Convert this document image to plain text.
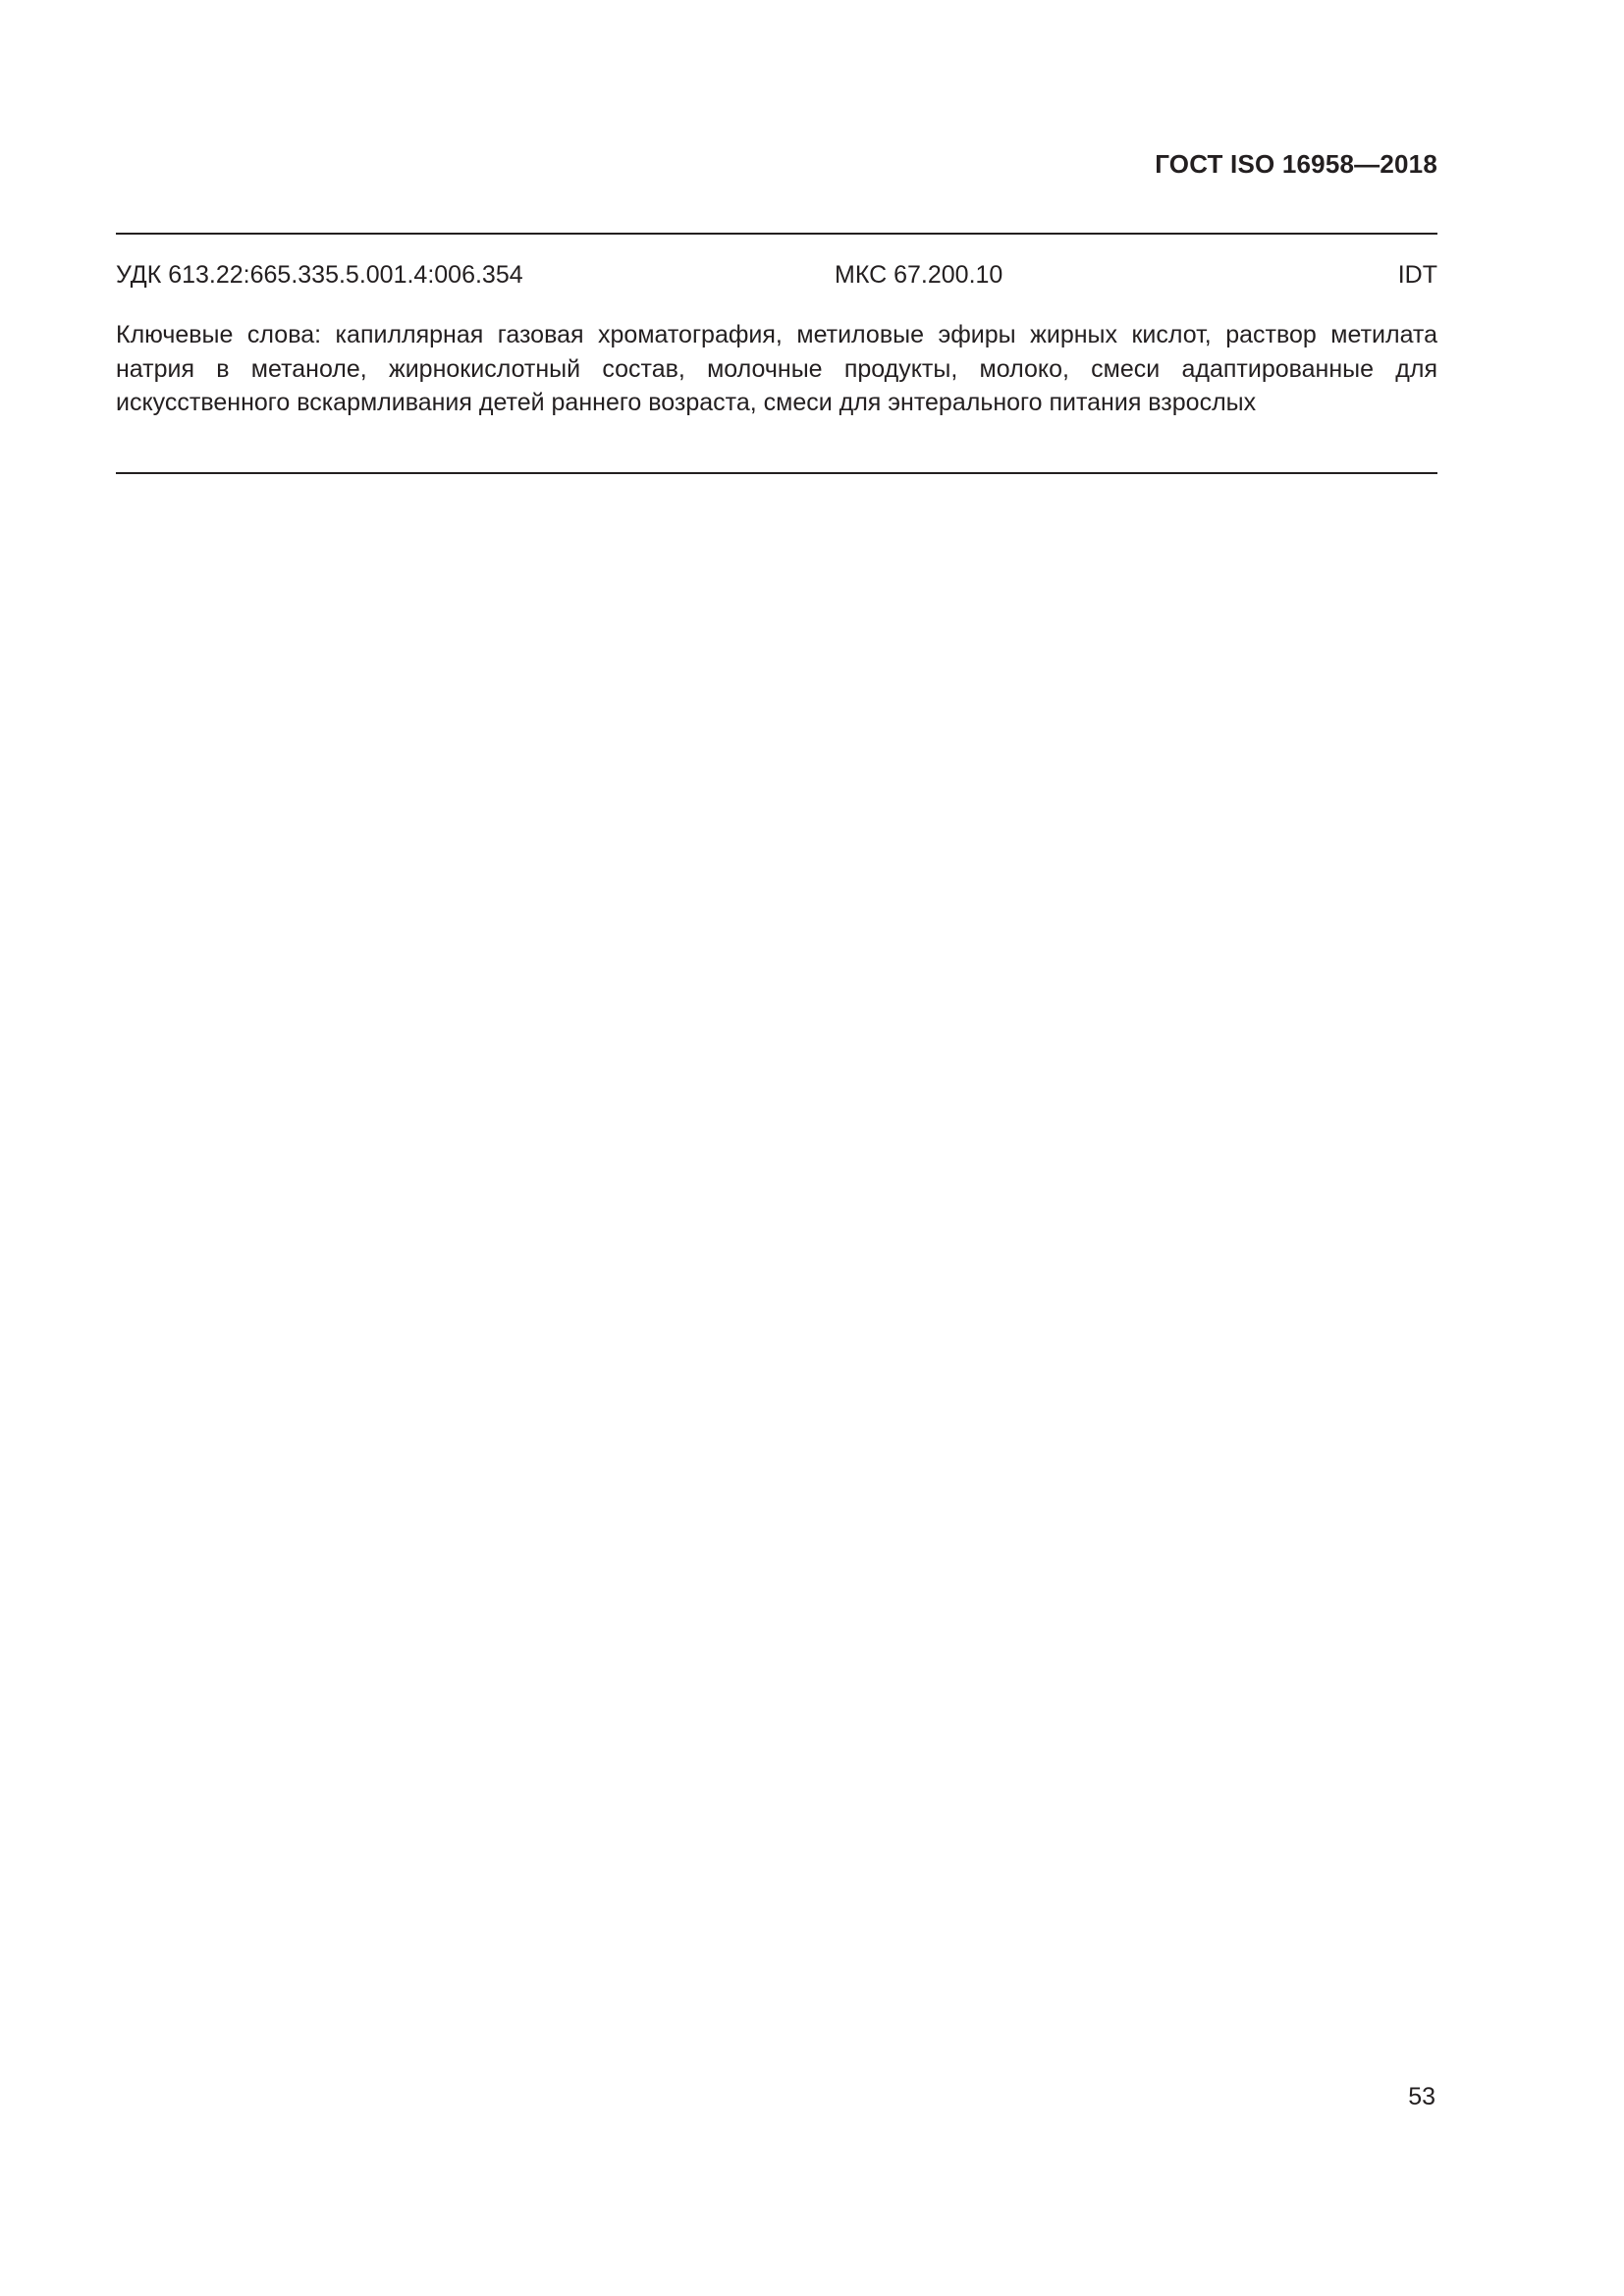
ГОСТ ISO 16958—2018
УДК 613.22:665.335.5.001.4:006.354	МКС 67.200.10	IDT

Ключевые слова: капиллярная газовая хроматография, метиловые эфиры жирных кислот, раствор метилата натрия в метаноле, жирнокислотный состав, молочные продукты, молоко, смеси адаптированные для искусственного вскармливания детей раннего возраста, смеси для энтерального питания взрослых

53
